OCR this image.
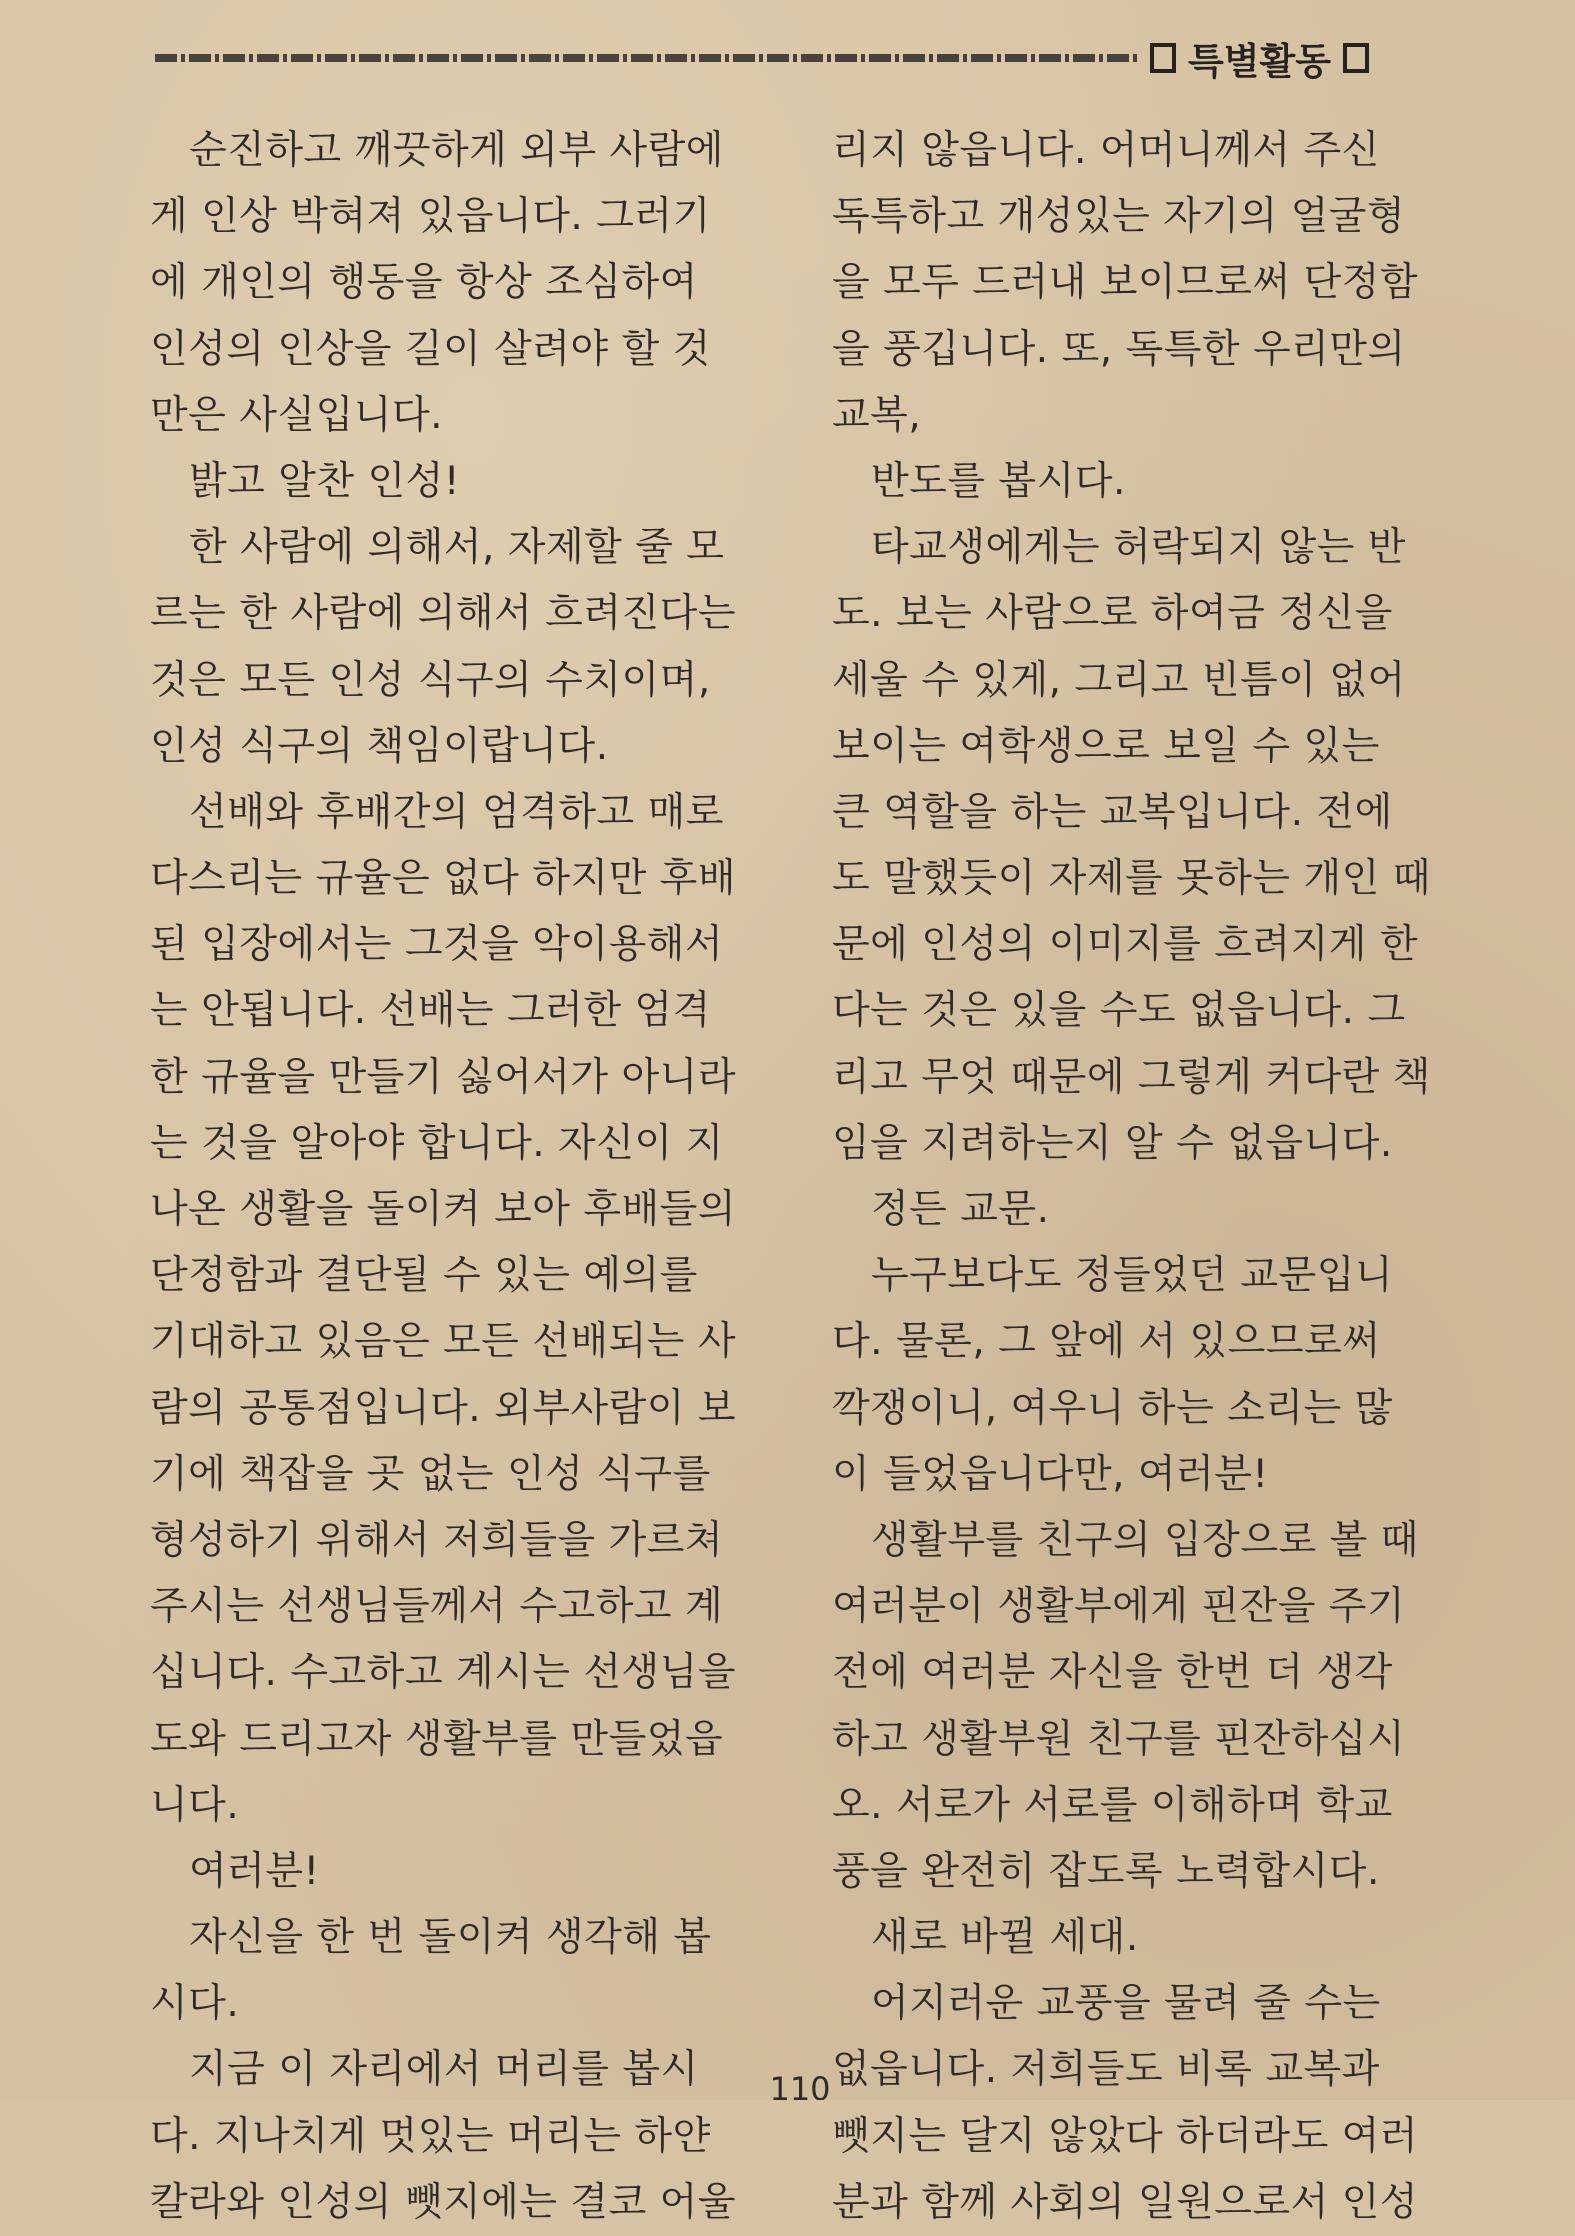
특별활동
순진하고 깨끗하게 외부 사람에
게 인상 박혀져 있읍니다. 그러기
에 개인의 행동을 항상 조심하여
인성의 인상을 길이 살려야 할 것
만은 사실입니다.
밝고 알찬 인성!
한 사람에 의해서, 자제할 줄 모
르는 한 사람에 의해서 흐려진다는
것은 모든 인성 식구의 수치이며,
인성 식구의 책임이랍니다.
선배와 후배간의 엄격하고 매로
다스리는 규율은 없다 하지만 후배
된 입장에서는 그것을 악이용해서
는 안됩니다. 선배는 그러한 엄격
한 규율을 만들기 싫어서가 아니라
는 것을 알아야 합니다. 자신이 지
나온 생활을 돌이켜 보아 후배들의
단정함과 결단될 수 있는 예의를
기대하고 있음은 모든 선배되는 사
람의 공통점입니다. 외부사람이 보
기에 책잡을 곳 없는 인성 식구를
형성하기 위해서 저희들을 가르쳐
주시는 선생님들께서 수고하고 계
십니다. 수고하고 계시는 선생님을
도와 드리고자 생활부를 만들었읍
니다.
여러분!
자신을 한 번 돌이켜 생각해 봅
시다.
지금 이 자리에서 머리를 봅시
다. 지나치게 멋있는 머리는 하얀
칼라와 인성의 뺏지에는 결코 어울
리지 않읍니다. 어머니께서 주신
독특하고 개성있는 자기의 얼굴형
을 모두 드러내 보이므로써 단정함
을 풍깁니다. 또, 독특한 우리만의
교복,
반도를 봅시다.
타교생에게는 허락되지 않는 반
도. 보는 사람으로 하여금 정신을
세울 수 있게, 그리고 빈틈이 없어
보이는 여학생으로 보일 수 있는
큰 역할을 하는 교복입니다. 전에
도 말했듯이 자제를 못하는 개인 때
문에 인성의 이미지를 흐려지게 한
다는 것은 있을 수도 없읍니다. 그
리고 무엇 때문에 그렇게 커다란 책
임을 지려하는지 알 수 없읍니다.
정든 교문.
누구보다도 정들었던 교문입니
다. 물론, 그 앞에 서 있으므로써
깍쟁이니, 여우니 하는 소리는 많
이 들었읍니다만, 여러분!
생활부를 친구의 입장으로 볼 때
여러분이 생활부에게 핀잔을 주기
전에 여러분 자신을 한번 더 생각
하고 생활부원 친구를 핀잔하십시
오. 서로가 서로를 이해하며 학교
풍을 완전히 잡도록 노력합시다.
새로 바뀔 세대.
어지러운 교풍을 물려 줄 수는
없읍니다. 저희들도 비록 교복과
뺏지는 달지 않았다 하더라도 여러
분과 함께 사회의 일원으로서 인성
110
